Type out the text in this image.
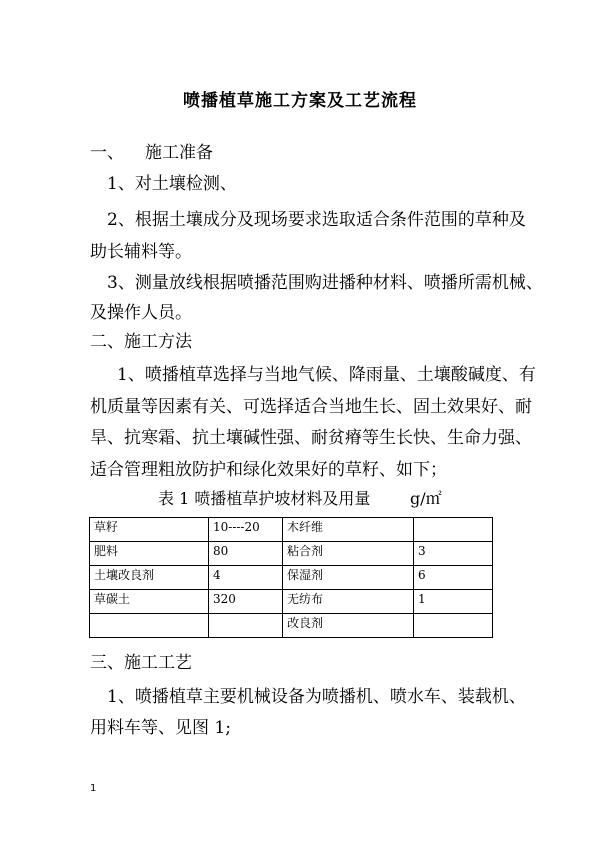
喷播植草施工方案及工艺流程
一、 施工准备
1、对土壤检测、
2、根据土壤成分及现场要求选取适合条件范围的草种及
助长辅料等。
3、测量放线根据喷播范围购进播种材料、喷播所需机械、
及操作人员。
二、施工方法
1、喷播植草选择与当地气候、降雨量、土壤酸碱度、有
机质量等因素有关、可选择适合当地生长、固土效果好、耐
旱、抗寒霜、抗土壤碱性强、耐贫瘠等生长快、生命力强、
适合管理粗放防护和绿化效果好的草籽、如下；
表 1 喷播植草护坡材料及用量 g/㎡
草籽	10----20	木纤维	
肥料	80	粘合剂	3
土壤改良剂	4	保湿剂	6
草碳土	320	无纺布	1
		改良剂	
三、施工工艺
1、喷播植草主要机械设备为喷播机、喷水车、装载机、
用料车等、见图 1;
1
